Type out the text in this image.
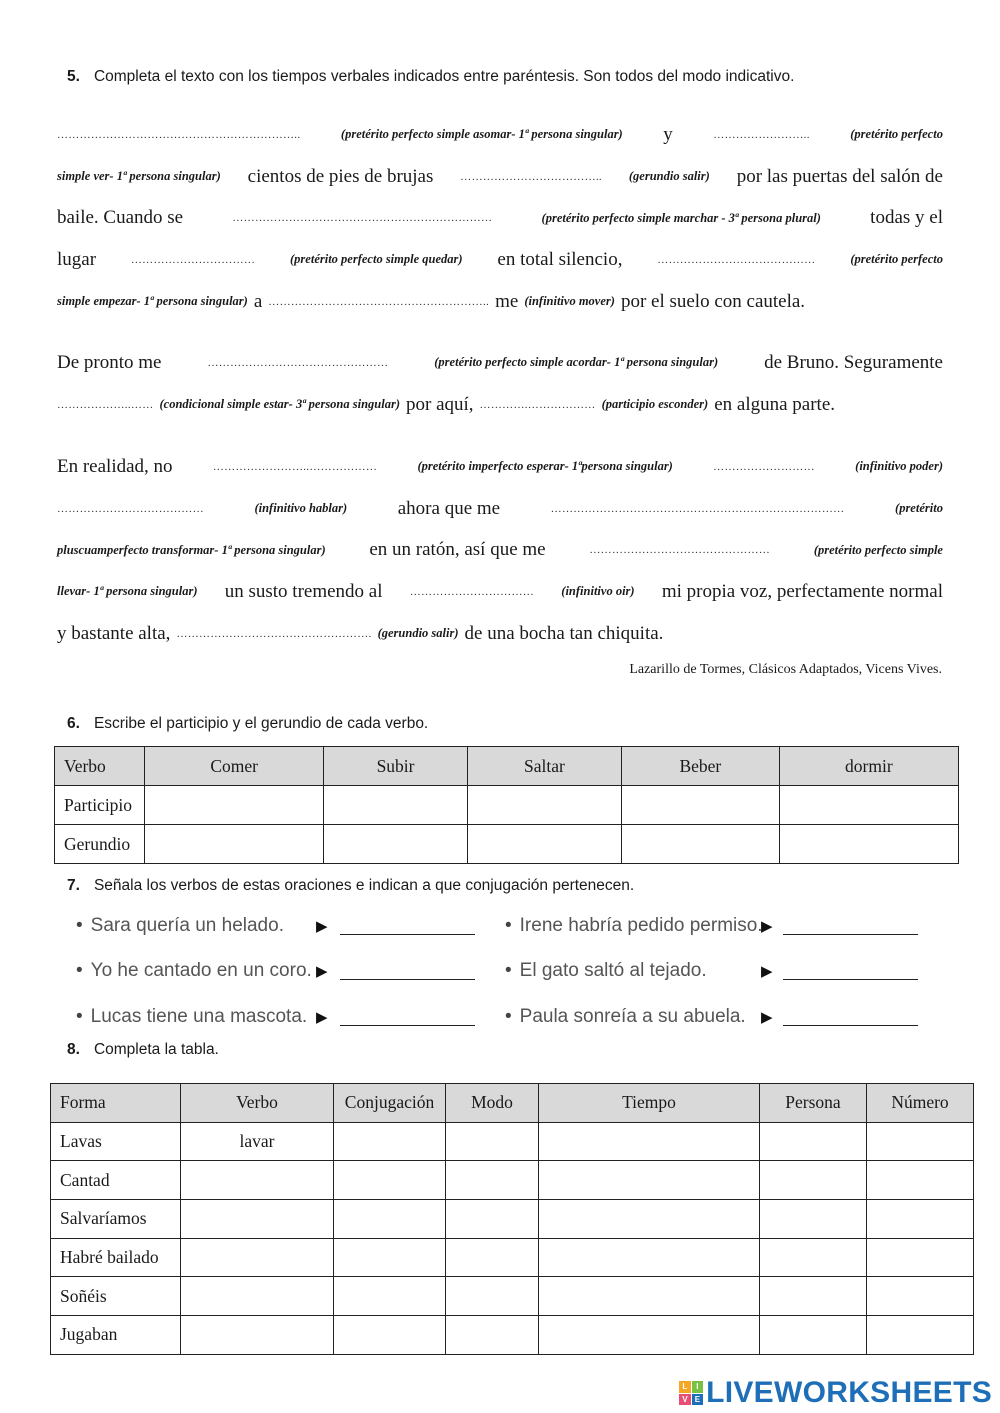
5. Completa el texto con los tiempos verbales indicados entre paréntesis. Son todos del modo indicativo.
………………………………………………………..	(pretérito perfecto simple asomar- 1ª persona singular) y	……………………..	(pretérito perfecto
simple ver- 1ª persona singular) cientos de pies de brujas ……………………………….. (gerundio salir) por las puertas del salón de
baile. Cuando se	……………………………………………………………	(pretérito perfecto simple marchar - 3ª persona plural)	todas y el
lugar	……………………………	(pretérito perfecto simple quedar) en total silencio,	……………………………………	(pretérito perfecto
simple empezar- 1ª persona singular) a ………………………………………………….. me (infinitivo mover) por el suelo con cautela.
De pronto me	…………………………………………	(pretérito perfecto simple acordar- 1ª persona singular) de Bruno. Seguramente
………………..…… (condicional simple estar- 3ª persona singular) por aquí, ………….……………… (participio esconder) en alguna parte.
En realidad, no	……………………..………………	(pretérito imperfecto esperar- 1ªpersona singular)	………………………	(infinitivo poder)
…………………………………	(infinitivo hablar)	ahora que me	……………………………………………………………………	(pretérito
pluscuamperfecto transformar- 1ª persona singular) en un ratón, así que me	…………………………………………	(pretérito perfecto simple
llevar- 1ª persona singular) un susto tremendo al …………………………… (infinitivo oir) mi propia voz, perfectamente normal
y bastante alta, ……………………………………………. (gerundio salir) de una bocha tan chiquita.
Lazarillo de Tormes, Clásicos Adaptados, Vicens Vives.
6. Escribe el participio y el gerundio de cada verbo.
Verbo	Comer	Subir	Saltar	Beber	dormir
Participio					
Gerundio					
7. Señala los verbos de estas oraciones e indican a que conjugación pertenecen.
• Sara quería un helado.
• Yo he cantado en un coro.
• Lucas tiene una mascota.
▶
▶
▶
• Irene habría pedido permiso.
• El gato saltó al tejado.
• Paula sonreía a su abuela.
▶
▶
▶
8. Completa la tabla.
Forma	Verbo	Conjugación	Modo	Tiempo	Persona	Número
Lavas	lavar					
Cantad						
Salvaríamos						
Habré bailado						
Soñéis						
Jugaban						
L	I
V E LIVEWORKSHEETS
